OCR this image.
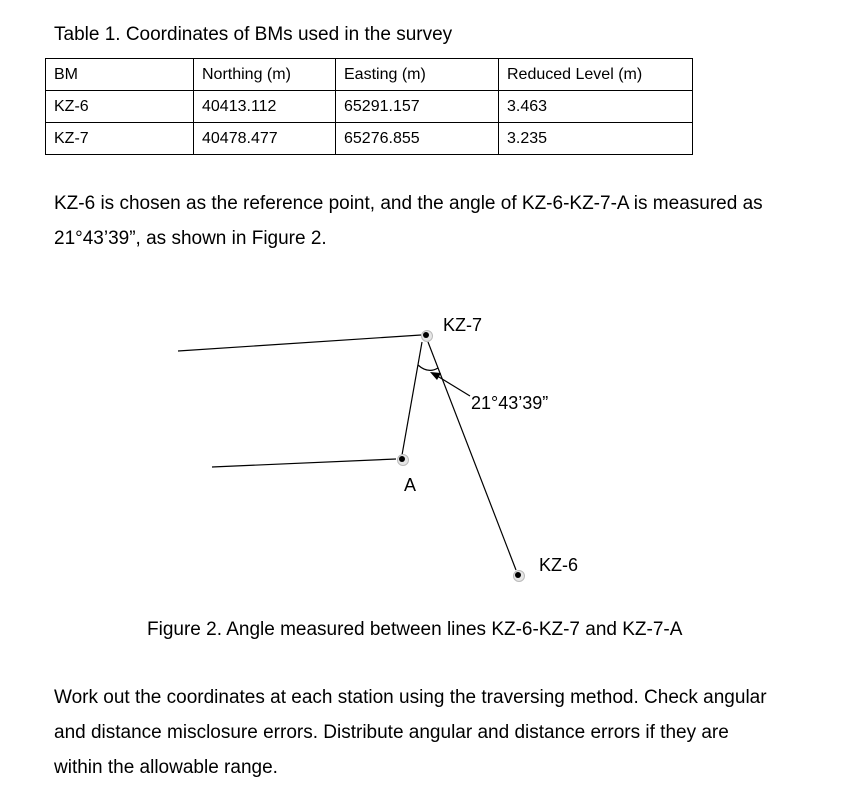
Table 1. Coordinates of BMs used in the survey
BM	Northing (m)	Easting (m)	Reduced Level (m)
KZ-6	40413.112	65291.157	3.463
KZ-7	40478.477	65276.855	3.235
KZ-6 is chosen as the reference point, and the angle of KZ-6-KZ-7-A is measured as
21°43’39”, as shown in Figure 2.
KZ-7
21°43’39”
A
KZ-6
Figure 2. Angle measured between lines KZ-6-KZ-7 and KZ-7-A
Work out the coordinates at each station using the traversing method. Check angular
and distance misclosure errors. Distribute angular and distance errors if they are
within the allowable range.
